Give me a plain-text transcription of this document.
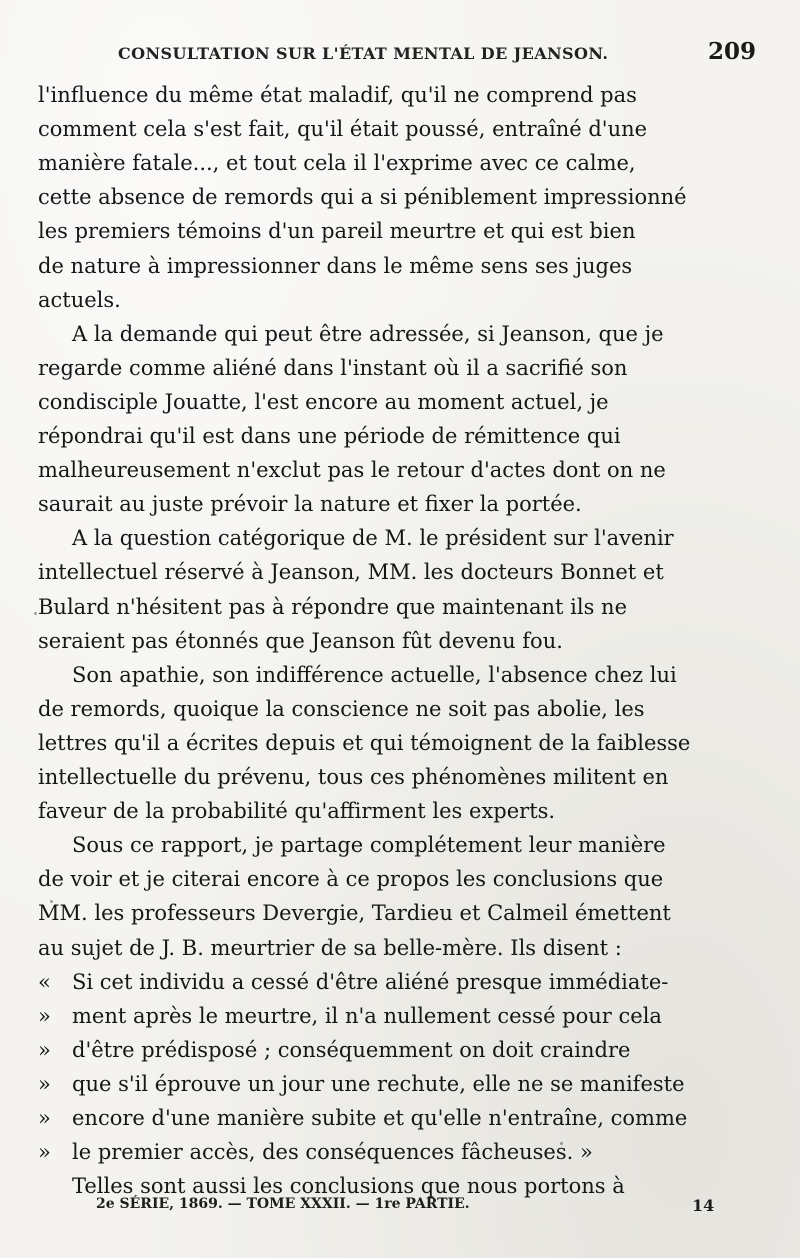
CONSULTATION SUR L'ÉTAT MENTAL DE JEANSON.	209
l'influence du même état maladif, qu'il ne comprend pas
comment cela s'est fait, qu'il était poussé, entraîné d'une
manière fatale..., et tout cela il l'exprime avec ce calme,
cette absence de remords qui a si péniblement impressionné
les premiers témoins d'un pareil meurtre et qui est bien
de nature à impressionner dans le même sens ses juges
actuels.
A la demande qui peut être adressée, si Jeanson, que je
regarde comme aliéné dans l'instant où il a sacrifié son
condisciple Jouatte, l'est encore au moment actuel, je
répondrai qu'il est dans une période de rémittence qui
malheureusement n'exclut pas le retour d'actes dont on ne
saurait au juste prévoir la nature et fixer la portée.
A la question catégorique de M. le président sur l'avenir
intellectuel réservé à Jeanson, MM. les docteurs Bonnet et
Bulard n'hésitent pas à répondre que maintenant ils ne
seraient pas étonnés que Jeanson fût devenu fou.
Son apathie, son indifférence actuelle, l'absence chez lui
de remords, quoique la conscience ne soit pas abolie, les
lettres qu'il a écrites depuis et qui témoignent de la faiblesse
intellectuelle du prévenu, tous ces phénomènes militent en
faveur de la probabilité qu'affirment les experts.
Sous ce rapport, je partage complétement leur manière
de voir et je citerai encore à ce propos les conclusions que
MM. les professeurs Devergie, Tardieu et Calmeil émettent
au sujet de J. B. meurtrier de sa belle-mère. Ils disent :
« Si cet individu a cessé d'être aliéné presque immédiate-
» ment après le meurtre, il n'a nullement cessé pour cela
» d'être prédisposé ; conséquemment on doit craindre
» que s'il éprouve un jour une rechute, elle ne se manifeste
» encore d'une manière subite et qu'elle n'entraîne, comme
» le premier accès, des conséquences fâcheuses. »
Telles sont aussi les conclusions que nous portons à
2e SÉRIE, 1869. — TOME XXXII. — 1re PARTIE.	14
